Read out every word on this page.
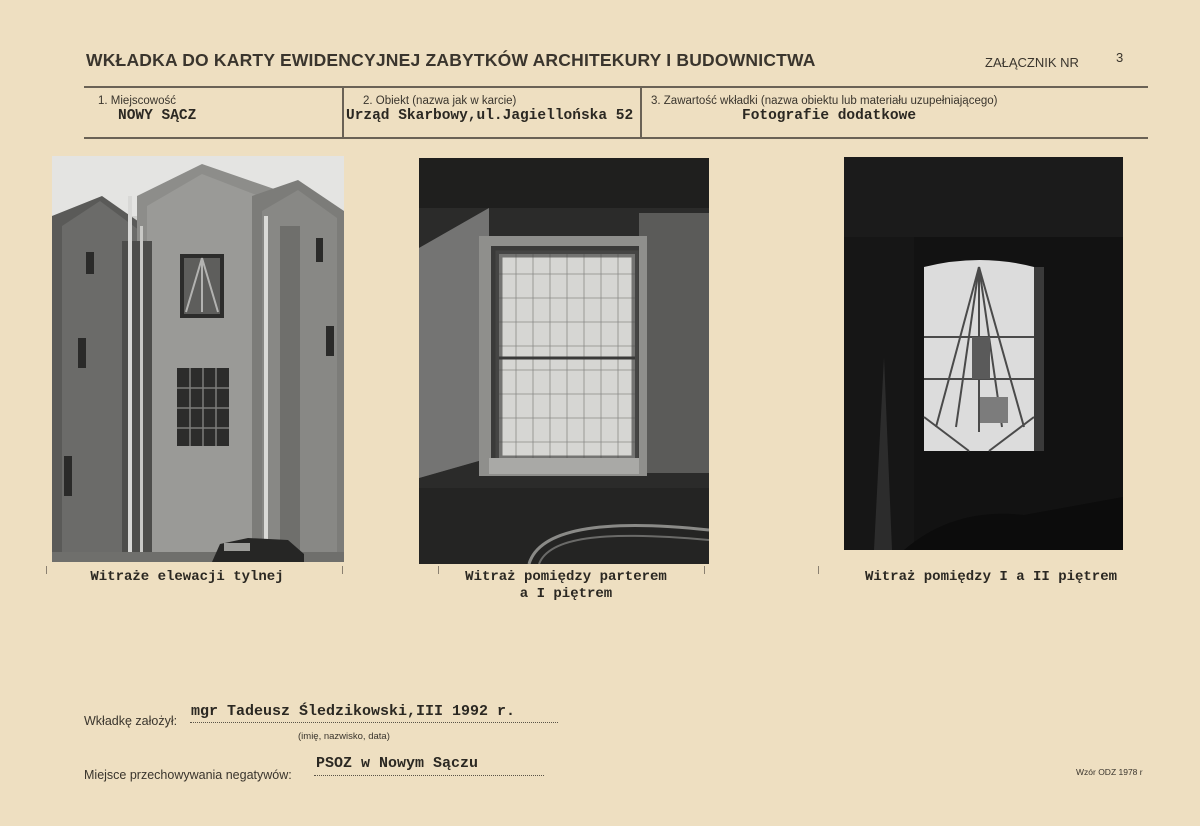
WKŁADKA DO KARTY EWIDENCYJNEJ ZABYTKÓW ARCHITEKURY I BUDOWNICTWA	ZAŁĄCZNIK NR	3
1. Miejscowość
NOWY SĄCZ
2. Obiekt (nazwa jak w karcie)
Urząd Skarbowy,ul.Jagiellońska 52
3. Zawartość wkładki (nazwa obiektu lub materiału uzupełniającego)
Fotografie dodatkowe
Witraże elewacji tylnej	Witraż pomiędzy parterem
a I piętrem
Witraż pomiędzy I a II piętrem
Wkładkę założył:
mgr Tadeusz Śledzikowski,III 1992 r.
(imię, nazwisko, data)
Miejsce przechowywania negatywów:
PSOZ w Nowym Sączu	Wzór ODZ 1978 r
